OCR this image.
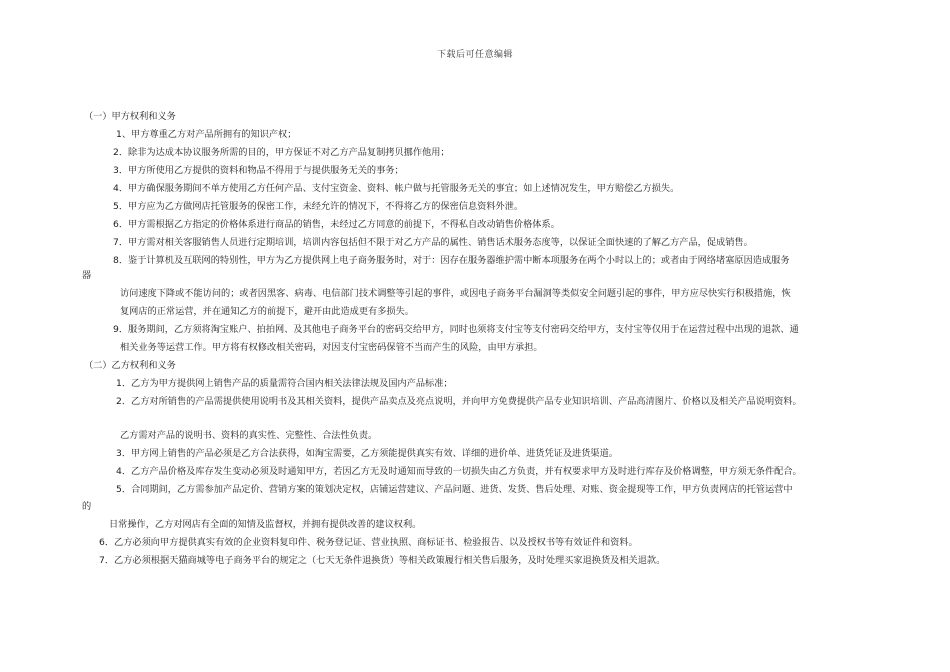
下载后可任意编辑
（一）甲方权利和义务
1、甲方尊重乙方对产品所拥有的知识产权；
2．除非为达成本协议服务所需的目的，甲方保证不对乙方产品复制拷贝挪作他用；
3．甲方所使用乙方提供的资料和物品不得用于与提供服务无关的事务；
4．甲方确保服务期间不单方使用乙方任何产品、支付宝资金、资料、帐户做与托管服务无关的事宜；如上述情况发生，甲方赔偿乙方损失。
5．甲方应为乙方做网店托管服务的保密工作，未经允许的情况下，不得将乙方的保密信息资料外泄。
6．甲方需根据乙方指定的价格体系进行商品的销售，未经过乙方同意的前提下，不得私自改动销售价格体系。
7．甲方需对相关客服销售人员进行定期培训，培训内容包括但不限于对乙方产品的属性、销售话术服务态度等，以保证全面快速的了解乙方产品，促成销售。
8．鉴于计算机及互联网的特别性，甲方为乙方提供网上电子商务服务时，对于：因存在服务器维护需中断本项服务在两个小时以上的；或者由于网络堵塞原因造成服务
器
访问速度下降或不能访问的；或者因黑客、病毒、电信部门技术调整等引起的事件，或因电子商务平台漏洞等类似安全问题引起的事件，甲方应尽快实行积极措施，恢
复网店的正常运营，并在通知乙方的前提下，避开由此造成更有多损失。
9．服务期间，乙方须将淘宝账户、拍拍网、及其他电子商务平台的密码交给甲方，同时也须将支付宝等支付密码交给甲方，支付宝等仅用于在运营过程中出现的退款、通
相关业务等运营工作。甲方将有权修改相关密码，对因支付宝密码保管不当而产生的风险，由甲方承担。
（二）乙方权利和义务
1．乙方为甲方提供网上销售产品的质量需符合国内相关法律法规及国内产品标准；
2．乙方对所销售的产品需提供使用说明书及其相关资料，提供产品卖点及亮点说明，并向甲方免费提供产品专业知识培训、产品高清图片、价格以及相关产品说明资料。
乙方需对产品的说明书、资料的真实性、完整性、合法性负责。
3．甲方网上销售的产品必须是乙方合法获得，如淘宝需要，乙方须能提供真实有效、详细的进价单、进货凭证及进货渠道。
4．乙方产品价格及库存发生变动必须及时通知甲方，若因乙方无及时通知而导致的一切损失由乙方负责，并有权要求甲方及时进行库存及价格调整，甲方须无条件配合。
5．合同期间，乙方需参加产品定价、营销方案的策划决定权，店铺运营建议、产品问题、进货、发货、售后处理、对账、资金提现等工作，甲方负责网店的托管运营中
的
日常操作，乙方对网店有全面的知情及监督权，并拥有提供改善的建议权利。
6．乙方必须向甲方提供真实有效的企业资料复印件、税务登记证、营业执照、商标证书、检验报告、以及授权书等有效证件和资料。
7．乙方必须根据天猫商城等电子商务平台的规定之（七天无条件退换货）等相关政策履行相关售后服务，及时处理买家退换货及相关退款。
